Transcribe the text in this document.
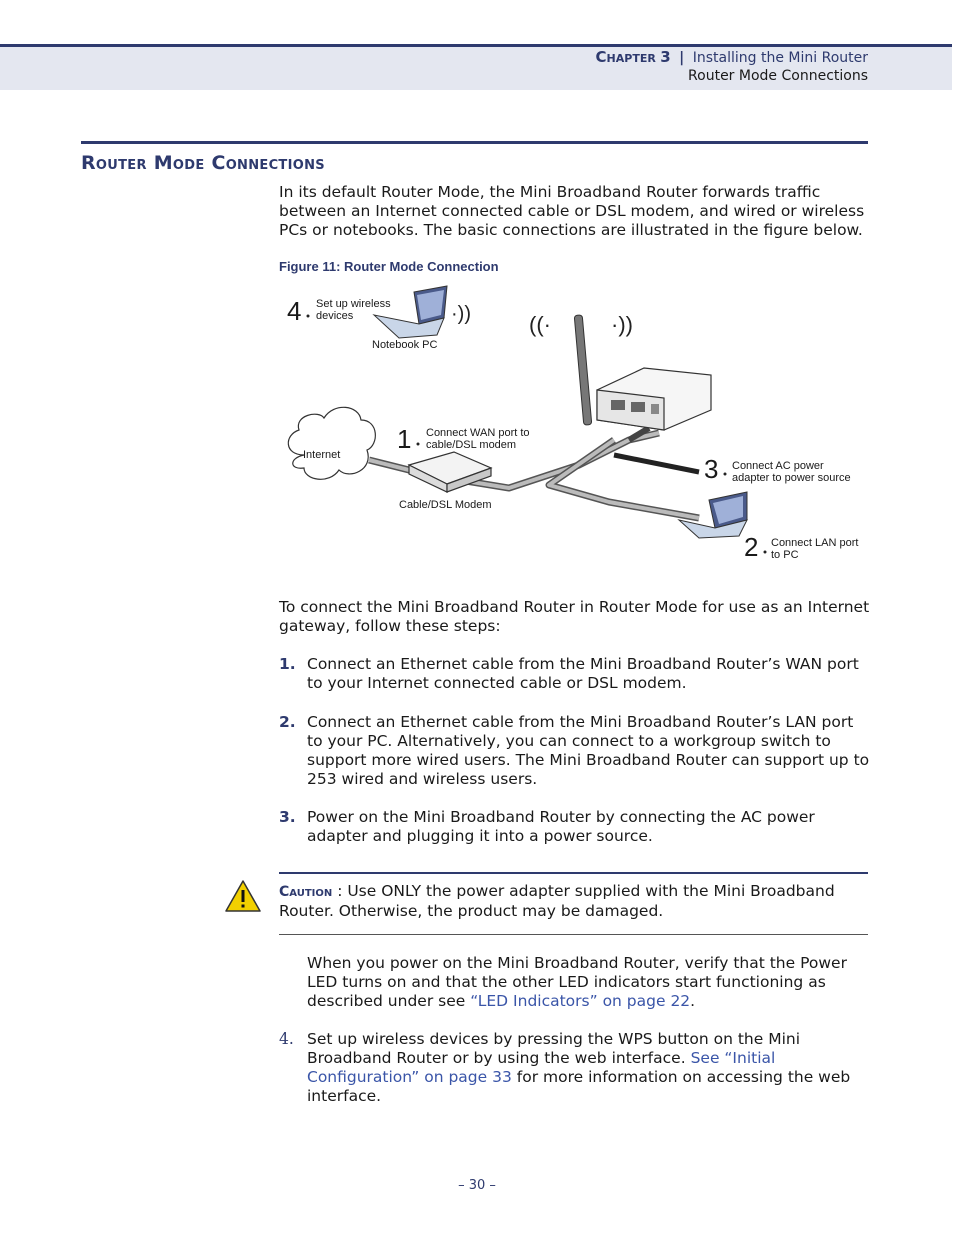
Chapter 3 | Installing the Mini Router
Router Mode Connections
Router Mode Connections
In its default Router Mode, the Mini Broadband Router forwards traffic between an Internet connected cable or DSL modem, and wired or wireless PCs or notebooks. The basic connections are illustrated in the figure below.
Figure 11: Router Mode Connection
Internet
Cable/DSL Modem
((·	·))
·))
Notebook PC
4 Set up wireless
devices
1 Connect WAN port to
cable/DSL modem
3 Connect AC power
adapter to power source
2 Connect LAN port
to PC
To connect the Mini Broadband Router in Router Mode for use as an Internet gateway, follow these steps:
1. Connect an Ethernet cable from the Mini Broadband Router’s WAN port to your Internet connected cable or DSL modem.
2. Connect an Ethernet cable from the Mini Broadband Router’s LAN port to your PC. Alternatively, you can connect to a workgroup switch to support more wired users. The Mini Broadband Router can support up to 253 wired and wireless users.
3. Power on the Mini Broadband Router by connecting the AC power adapter and plugging it into a power source.
Caution : Use ONLY the power adapter supplied with the Mini Broadband Router. Otherwise, the product may be damaged.
When you power on the Mini Broadband Router, verify that the Power LED turns on and that the other LED indicators start functioning as described under see “LED Indicators” on page 22.
4. Set up wireless devices by pressing the WPS button on the Mini Broadband Router or by using the web interface. See “Initial Configuration” on page 33 for more information on accessing the web interface.
– 30 –
